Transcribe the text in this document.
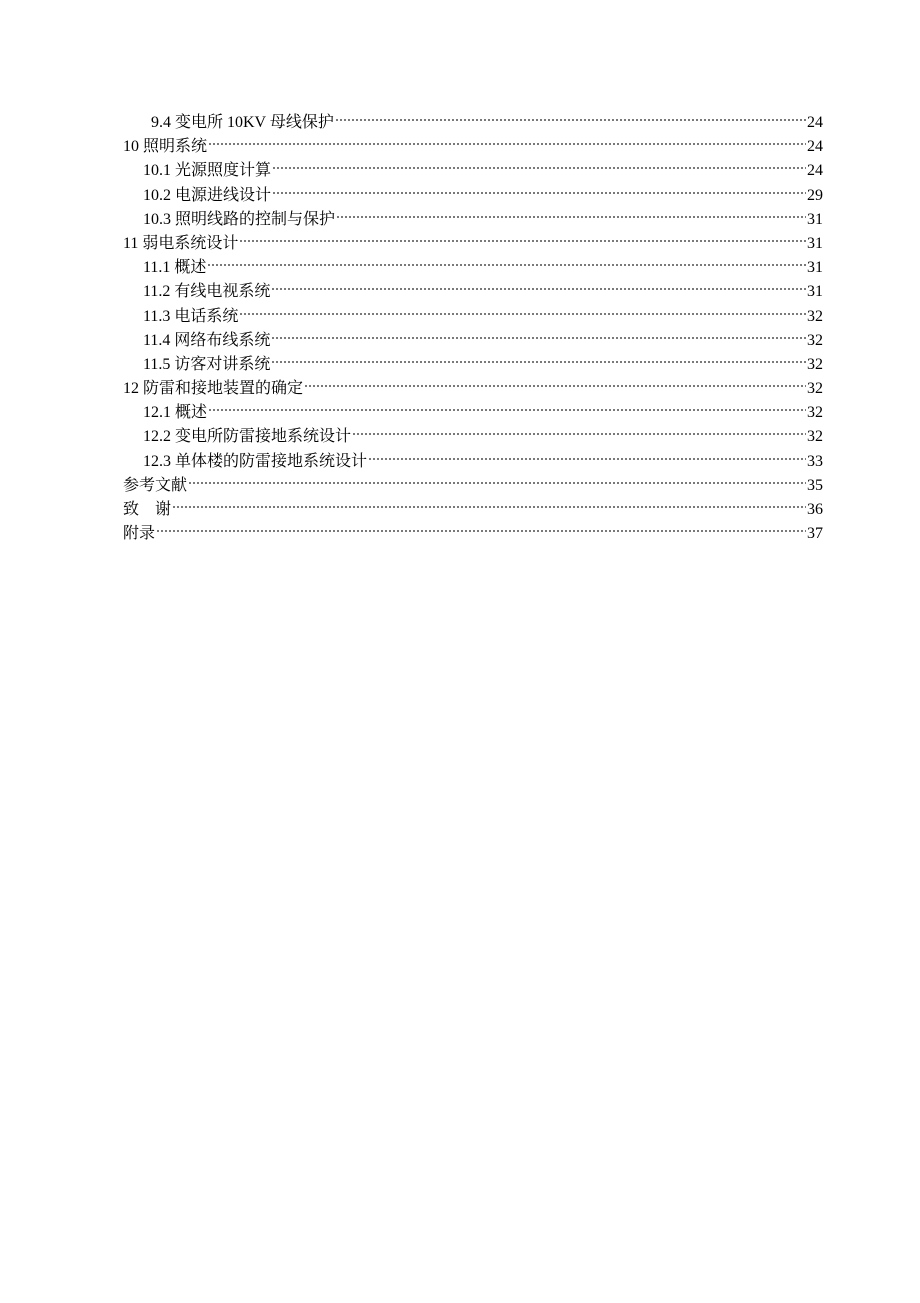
9.4 变电所 10KV 母线保护	24
10 照明系统	24
10.1 光源照度计算	24
10.2 电源进线设计	29
10.3 照明线路的控制与保护	31
11 弱电系统设计	31
11.1 概述	31
11.2 有线电视系统	31
11.3 电话系统	32
11.4 网络布线系统	32
11.5 访客对讲系统	32
12 防雷和接地装置的确定	32
12.1 概述	32
12.2 变电所防雷接地系统设计	32
12.3 单体楼的防雷接地系统设计	33
参考文献	35
致    谢	36
附录	37
